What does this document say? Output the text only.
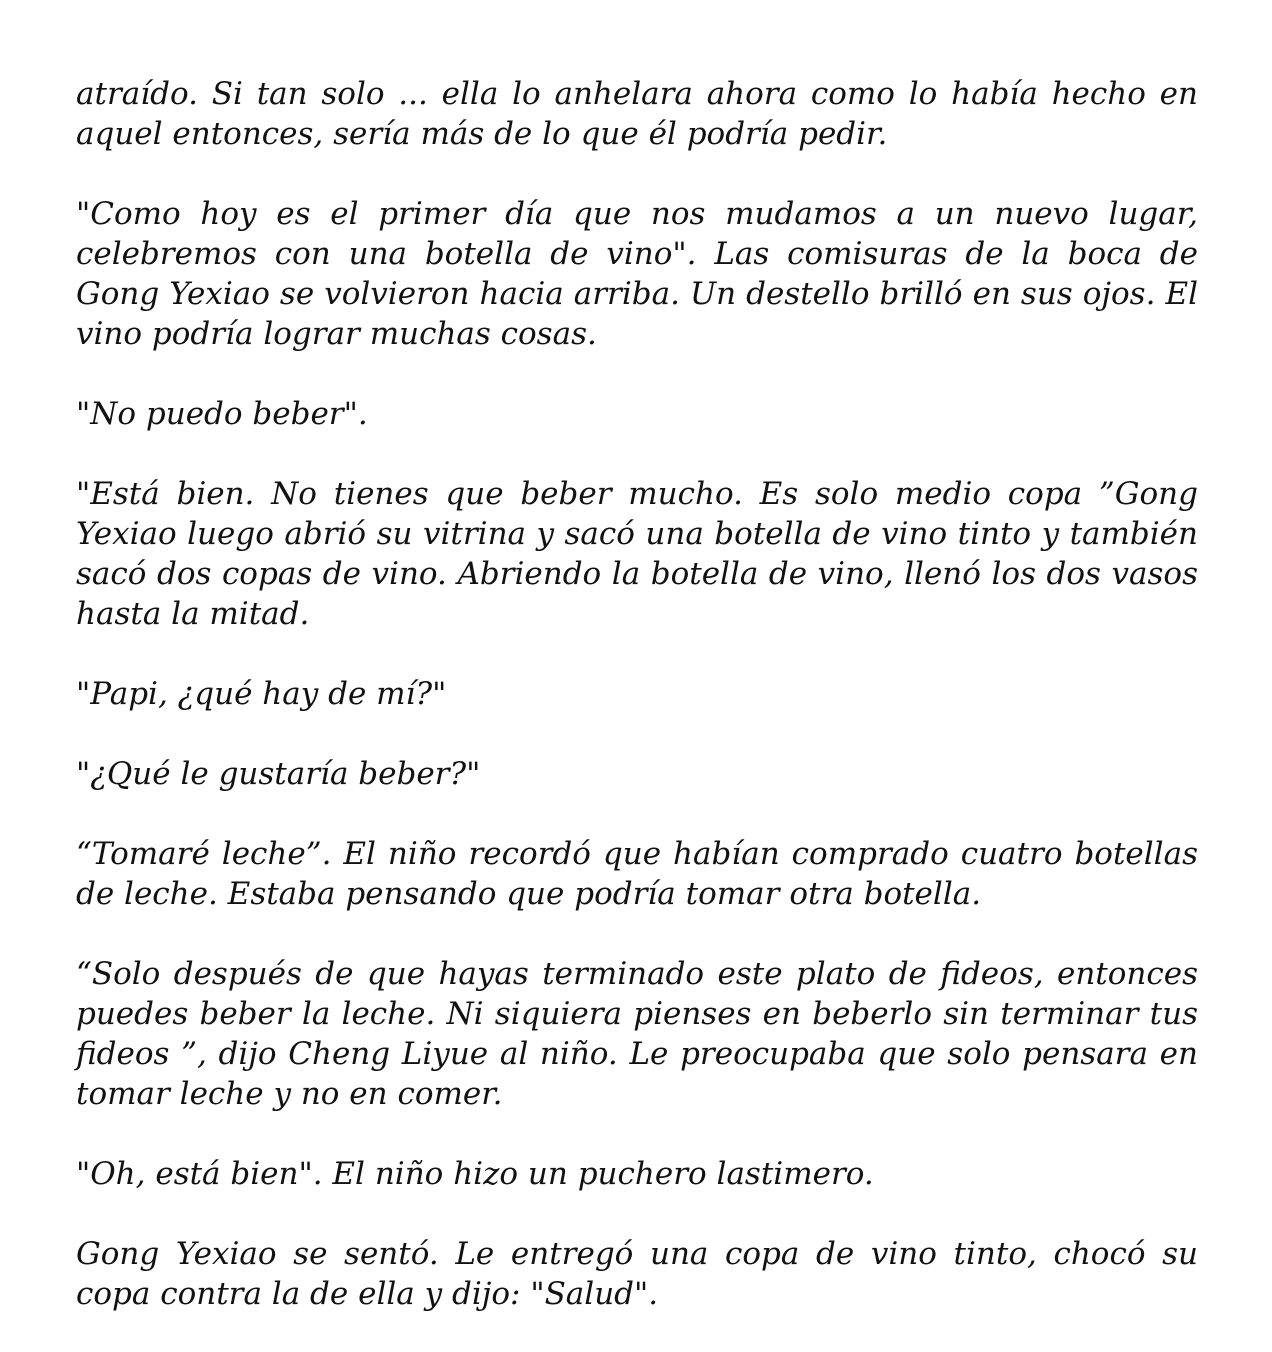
atraído. Si tan solo ... ella lo anhelara ahora como lo había hecho en aquel entonces, sería más de lo que él podría pedir.

"Como hoy es el primer día que nos mudamos a un nuevo lugar, celebremos con una botella de vino". Las comisuras de la boca de Gong Yexiao se volvieron hacia arriba. Un destello brilló en sus ojos. El vino podría lograr muchas cosas.

"No puedo beber".

"Está bien. No tienes que beber mucho. Es solo medio copa ”Gong Yexiao luego abrió su vitrina y sacó una botella de vino tinto y también sacó dos copas de vino. Abriendo la botella de vino, llenó los dos vasos hasta la mitad.

"Papi, ¿qué hay de mí?"

"¿Qué le gustaría beber?"

“Tomaré leche”. El niño recordó que habían comprado cuatro botellas de leche. Estaba pensando que podría tomar otra botella.

“Solo después de que hayas terminado este plato de fideos, entonces puedes beber la leche. Ni siquiera pienses en beberlo sin terminar tus fideos ”, dijo Cheng Liyue al niño. Le preocupaba que solo pensara en tomar leche y no en comer.

"Oh, está bien". El niño hizo un puchero lastimero.

Gong Yexiao se sentó. Le entregó una copa de vino tinto, chocó su copa contra la de ella y dijo: "Salud".
